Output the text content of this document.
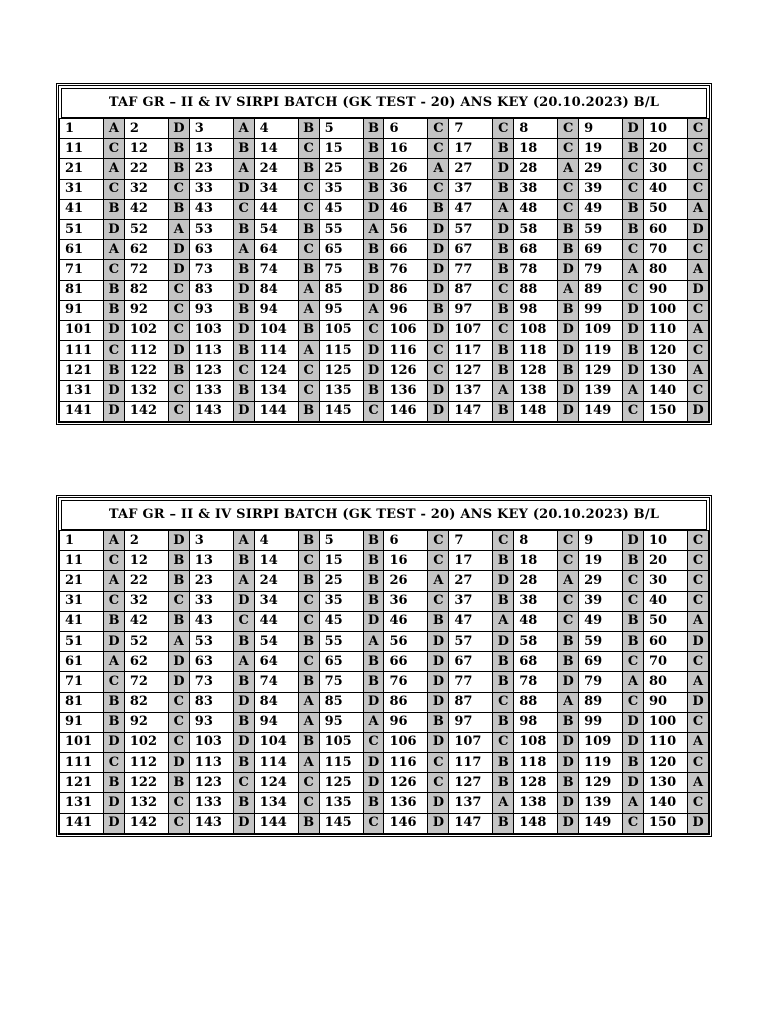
TAF GR – II & IV SIRPI BATCH (GK TEST - 20) ANS KEY (20.10.2023) B/L
1	A	2	D	3	A	4	B	5	B	6	C	7	C	8	C	9	D	10	C
11	C	12	B	13	B	14	C	15	B	16	C	17	B	18	C	19	B	20	C
21	A	22	B	23	A	24	B	25	B	26	A	27	D	28	A	29	C	30	C
31	C	32	C	33	D	34	C	35	B	36	C	37	B	38	C	39	C	40	C
41	B	42	B	43	C	44	C	45	D	46	B	47	A	48	C	49	B	50	A
51	D	52	A	53	B	54	B	55	A	56	D	57	D	58	B	59	B	60	D
61	A	62	D	63	A	64	C	65	B	66	D	67	B	68	B	69	C	70	C
71	C	72	D	73	B	74	B	75	B	76	D	77	B	78	D	79	A	80	A
81	B	82	C	83	D	84	A	85	D	86	D	87	C	88	A	89	C	90	D
91	B	92	C	93	B	94	A	95	A	96	B	97	B	98	B	99	D	100	C
101	D	102	C	103	D	104	B	105	C	106	D	107	C	108	D	109	D	110	A
111	C	112	D	113	B	114	A	115	D	116	C	117	B	118	D	119	B	120	C
121	B	122	B	123	C	124	C	125	D	126	C	127	B	128	B	129	D	130	A
131	D	132	C	133	B	134	C	135	B	136	D	137	A	138	D	139	A	140	C
141	D	142	C	143	D	144	B	145	C	146	D	147	B	148	D	149	C	150	D
TAF GR – II & IV SIRPI BATCH (GK TEST - 20) ANS KEY (20.10.2023) B/L
1	A	2	D	3	A	4	B	5	B	6	C	7	C	8	C	9	D	10	C
11	C	12	B	13	B	14	C	15	B	16	C	17	B	18	C	19	B	20	C
21	A	22	B	23	A	24	B	25	B	26	A	27	D	28	A	29	C	30	C
31	C	32	C	33	D	34	C	35	B	36	C	37	B	38	C	39	C	40	C
41	B	42	B	43	C	44	C	45	D	46	B	47	A	48	C	49	B	50	A
51	D	52	A	53	B	54	B	55	A	56	D	57	D	58	B	59	B	60	D
61	A	62	D	63	A	64	C	65	B	66	D	67	B	68	B	69	C	70	C
71	C	72	D	73	B	74	B	75	B	76	D	77	B	78	D	79	A	80	A
81	B	82	C	83	D	84	A	85	D	86	D	87	C	88	A	89	C	90	D
91	B	92	C	93	B	94	A	95	A	96	B	97	B	98	B	99	D	100	C
101	D	102	C	103	D	104	B	105	C	106	D	107	C	108	D	109	D	110	A
111	C	112	D	113	B	114	A	115	D	116	C	117	B	118	D	119	B	120	C
121	B	122	B	123	C	124	C	125	D	126	C	127	B	128	B	129	D	130	A
131	D	132	C	133	B	134	C	135	B	136	D	137	A	138	D	139	A	140	C
141	D	142	C	143	D	144	B	145	C	146	D	147	B	148	D	149	C	150	D
